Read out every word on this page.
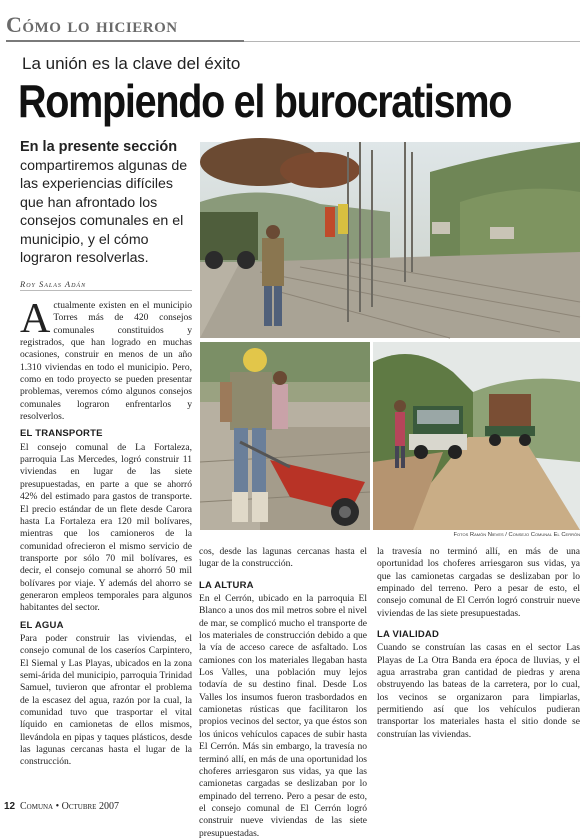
Cómo lo hicieron
La unión es la clave del éxito
Rompiendo el burocratismo
En la presente sección
compartiremos algunas de las experiencias difíciles que han afrontado los consejos comunales en el municipio, y el cómo lograron resolverlas.
Roy Salas Adán

Actualmente existen en el municipio Torres más de 420 consejos comunales constituidos y registrados, que han logrado en muchas ocasiones, construir en menos de un año 1.310 viviendas en todo el municipio. Pero, como en todo proyecto se pueden presentar problemas, veremos cómo algunos consejos comunales lograron enfrentarlos y resolverlos.

EL TRANSPORTE

El consejo comunal de La Fortaleza, parroquia Las Mercedes, logró construir 11 viviendas en lugar de las siete presupuestadas, en parte a que se ahorró 42% del estimado para gastos de transporte. El precio estándar de un flete desde Carora hasta La Fortaleza era 120 mil bolívares, mientras que los camioneros de la comunidad ofrecieron el mismo servicio de transporte por sólo 70 mil bolívares, es decir, el consejo comunal se ahorró 50 mil bolívares por viaje. Y además del ahorro se generaron empleos temporales para algunos habitantes del sector.

EL AGUA

Para poder construir las viviendas, el consejo comunal de los caseríos Carpintero, El Siemal y Las Playas, ubicados en la zona semi-árida del municipio, parroquia Trinidad Samuel, tuvieron que afrontar el problema de la escasez del agua, razón por la cual, la comunidad tuvo que trasportar el vital líquido en camionetas de ellos mismos, llevándola en pipas y taques plásticos, desde las lagunas cercanas hasta el lugar de la construcción.

cos, desde las lagunas cercanas hasta el lugar de la construcción.

LA ALTURA

En el Cerrón, ubicado en la parroquia El Blanco a unos dos mil metros sobre el nivel de mar, se complicó mucho el transporte de los materiales de construcción debido a que la vía de acceso carece de asfaltado. Los camiones con los materiales llegaban hasta Los Valles, una población muy lejos todavía de su destino final. Desde Los Valles los insumos fueron trasbordados en camionetas rústicas que facilitaron los propios vecinos del sector, ya que éstos son los únicos vehículos capaces de subir hasta El Cerrón. Más sin embargo, la travesía no terminó allí, en más de una oportunidad los choferes arriesgaron sus vidas, ya que las camionetas cargadas se deslizaban por lo empinado del terreno. Pero a pesar de esto, el consejo comunal de El Cerrón logró construir nueve viviendas de las siete presupuestadas.

la travesía no terminó allí, en más de una oportunidad los choferes arriesgaron sus vidas, ya que las camionetas cargadas se deslizaban por lo empinado del terreno. Pero a pesar de esto, el consejo comunal de El Cerrón logró construir nueve viviendas de las siete presupuestadas.

LA VIALIDAD

Cuando se construían las casas en el sector Las Playas de La Otra Banda era época de lluvias, y el agua arrastraba gran cantidad de piedras y arena obstruyendo las bateas de la carretera, por lo cual, los vecinos se organizaron para limpiarlas, permitiendo así que los vehículos pudieran transportar los materiales hasta el sitio donde se construían las viviendas.

Fotos Ramón Nieves / Consejo Comunal El Cerrón
12 Comuna • Octubre 2007
